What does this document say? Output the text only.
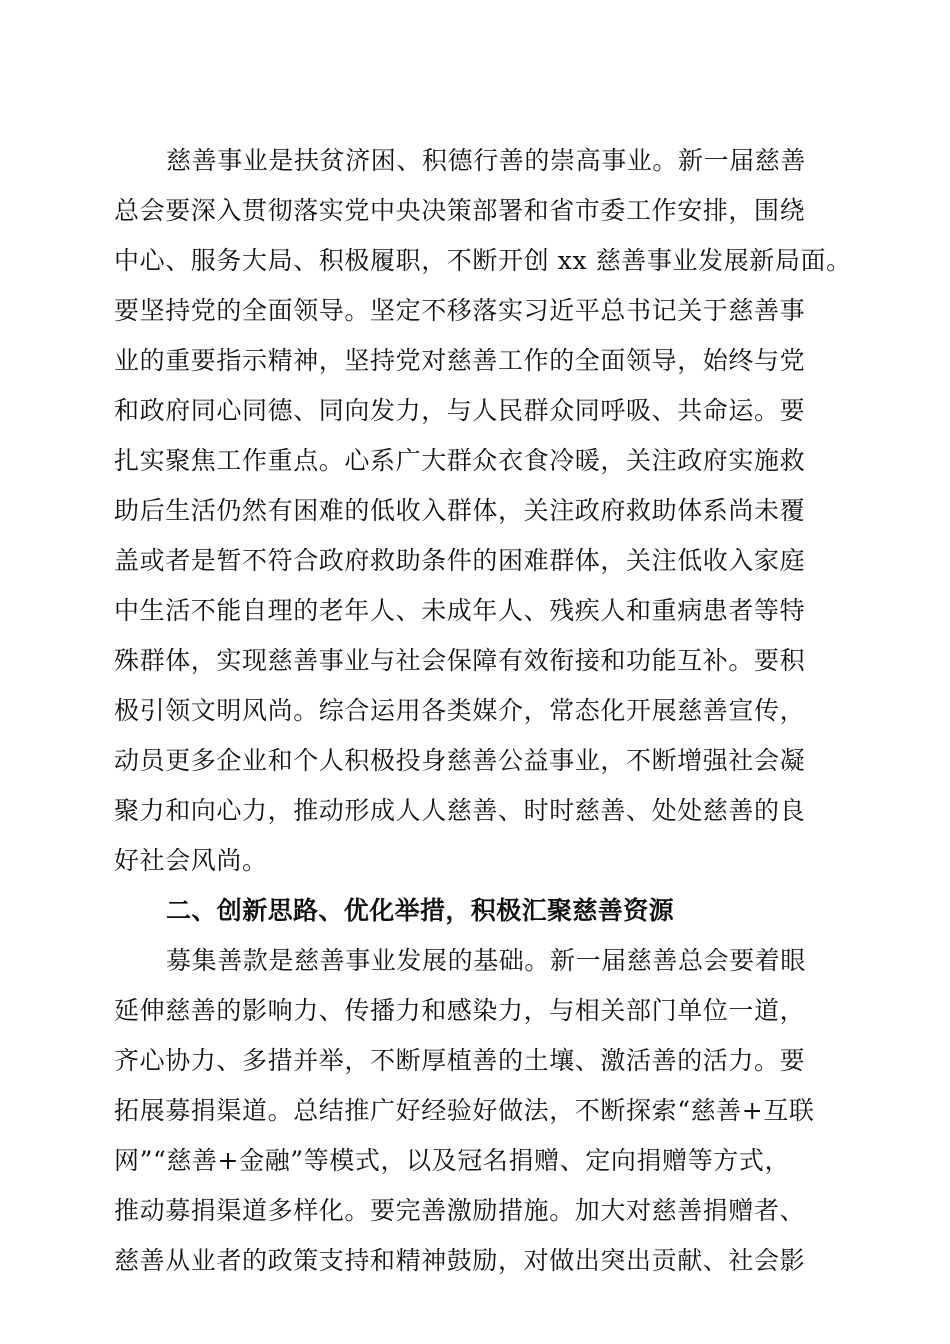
慈善事业是扶贫济困、积德行善的崇高事业。新一届慈善
总会要深入贯彻落实党中央决策部署和省市委工作安排，围绕
中心、服务大局、积极履职，不断开创 xx 慈善事业发展新局面。
要坚持党的全面领导。坚定不移落实习近平总书记关于慈善事
业的重要指示精神，坚持党对慈善工作的全面领导，始终与党
和政府同心同德、同向发力，与人民群众同呼吸、共命运。要
扎实聚焦工作重点。心系广大群众衣食冷暖，关注政府实施救
助后生活仍然有困难的低收入群体，关注政府救助体系尚未覆
盖或者是暂不符合政府救助条件的困难群体，关注低收入家庭
中生活不能自理的老年人、未成年人、残疾人和重病患者等特
殊群体，实现慈善事业与社会保障有效衔接和功能互补。要积
极引领文明风尚。综合运用各类媒介，常态化开展慈善宣传，
动员更多企业和个人积极投身慈善公益事业，不断增强社会凝
聚力和向心力，推动形成人人慈善、时时慈善、处处慈善的良
好社会风尚。
二、创新思路、优化举措，积极汇聚慈善资源
募集善款是慈善事业发展的基础。新一届慈善总会要着眼
延伸慈善的影响力、传播力和感染力，与相关部门单位一道，
齐心协力、多措并举，不断厚植善的土壤、激活善的活力。要
拓展募捐渠道。总结推广好经验好做法，不断探索“慈善+互联
网”“慈善+金融”等模式，以及冠名捐赠、定向捐赠等方式，
推动募捐渠道多样化。要完善激励措施。加大对慈善捐赠者、
慈善从业者的政策支持和精神鼓励，对做出突出贡献、社会影
